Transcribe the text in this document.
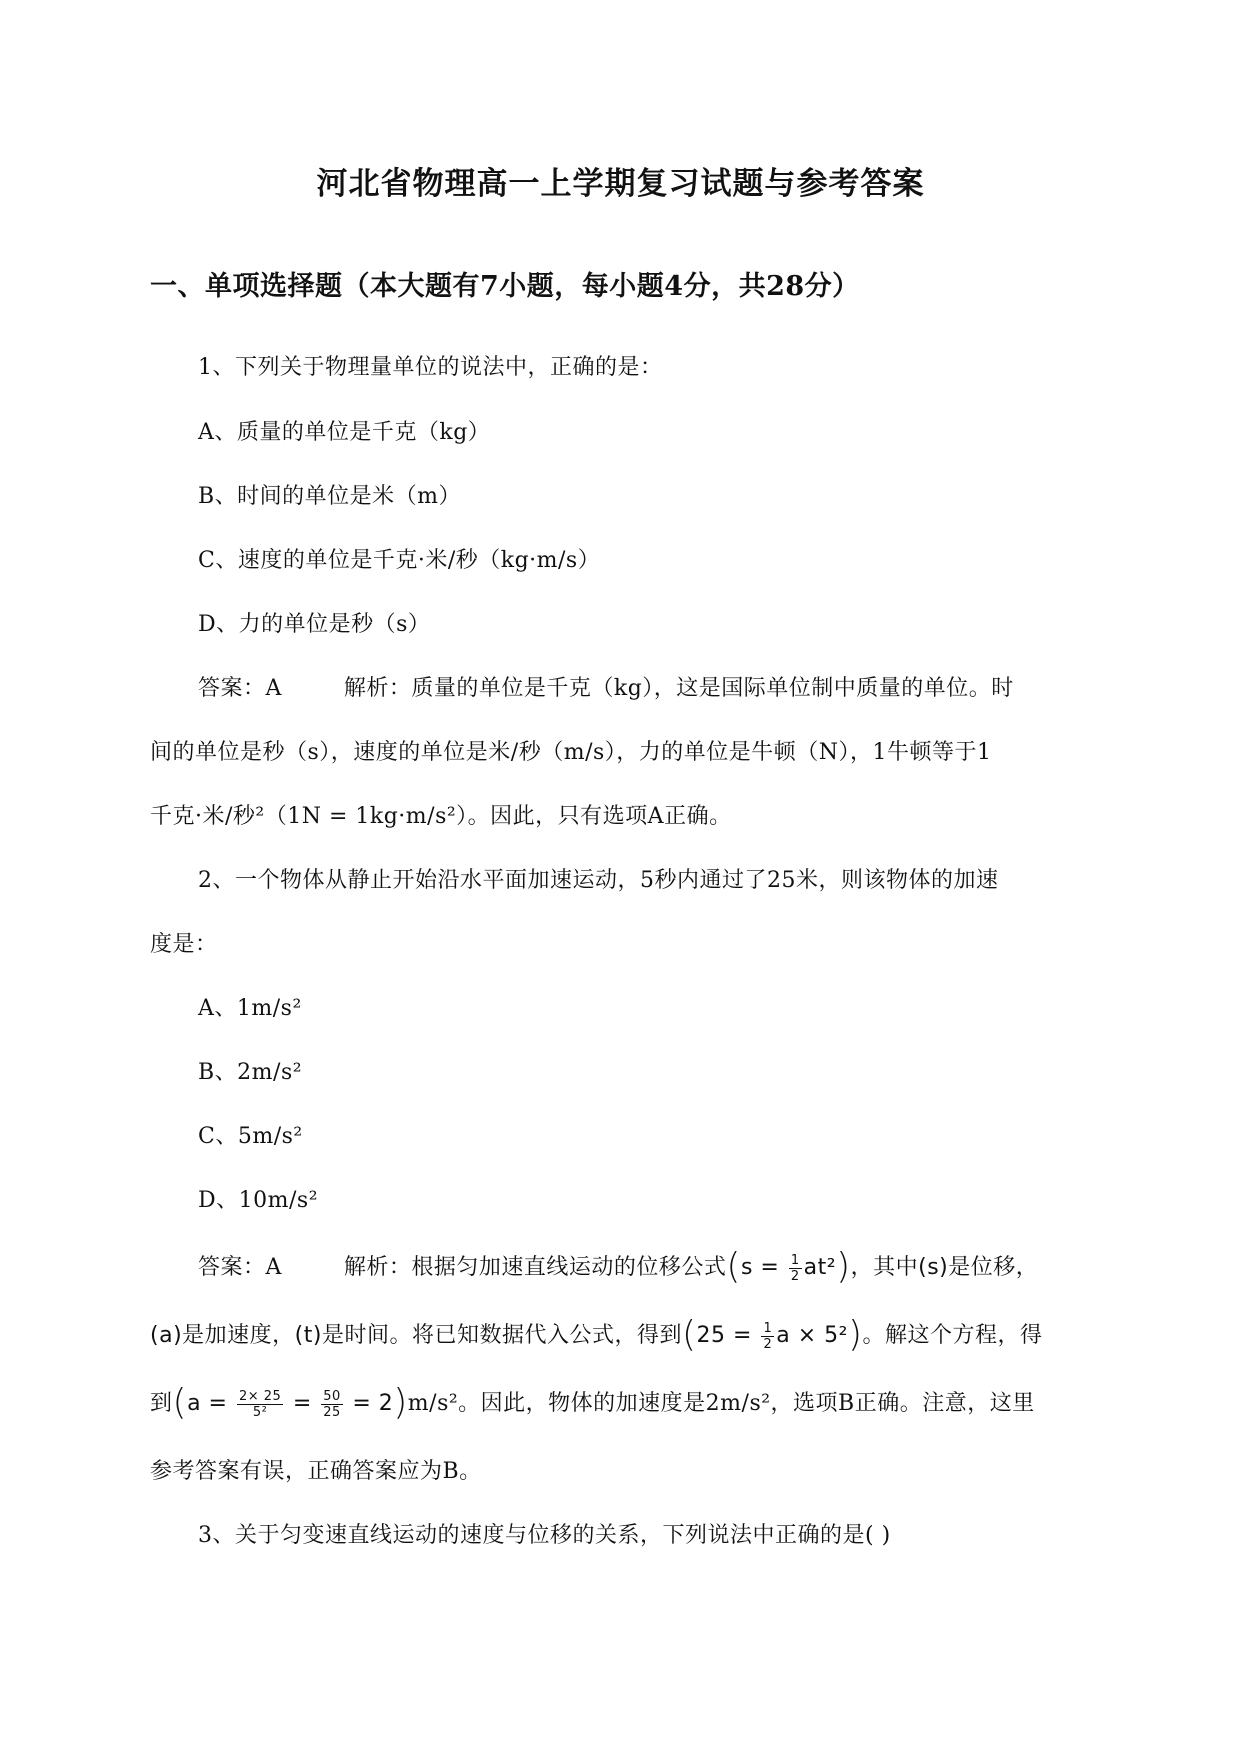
河北省物理高一上学期复习试题与参考答案
一、单项选择题（本大题有7小题，每小题4分，共28分）
1、下列关于物理量单位的说法中，正确的是：
A、质量的单位是千克（kg）
B、时间的单位是米（m）
C、速度的单位是千克·米/秒（kg·m/s）
D、力的单位是秒（s）
答案：A	解析：质量的单位是千克（kg），这是国际单位制中质量的单位。时
间的单位是秒（s），速度的单位是米/秒（m/s），力的单位是牛顿（N），1牛顿等于1
千克·米/秒²（1N = 1kg·m/s²）。因此，只有选项A正确。
2、一个物体从静止开始沿水平面加速运动，5秒内通过了25米，则该物体的加速
度是：
A、1m/s²
B、2m/s²
C、5m/s²
D、10m/s²
答案：A	解析：根据匀加速直线运动的位移公式$(s = \frac{1}{2} at^2)$，其中(s)是位移，
(a)是加速度，(t)是时间。将已知数据代入公式，得到($25 = \frac{1}{2}$ a × 5²)。解这个方程，得
到$(a = \frac{2\times 25}{\text{5²}} = \frac{50}{25} = 2)m/s^2$。因此，物体的加速度是2m/s²，选项B正确。注意，这里
参考答案有误，正确答案应为B。
3、关于匀变速直线运动的速度与位移的关系，下列说法中正确的是( )
